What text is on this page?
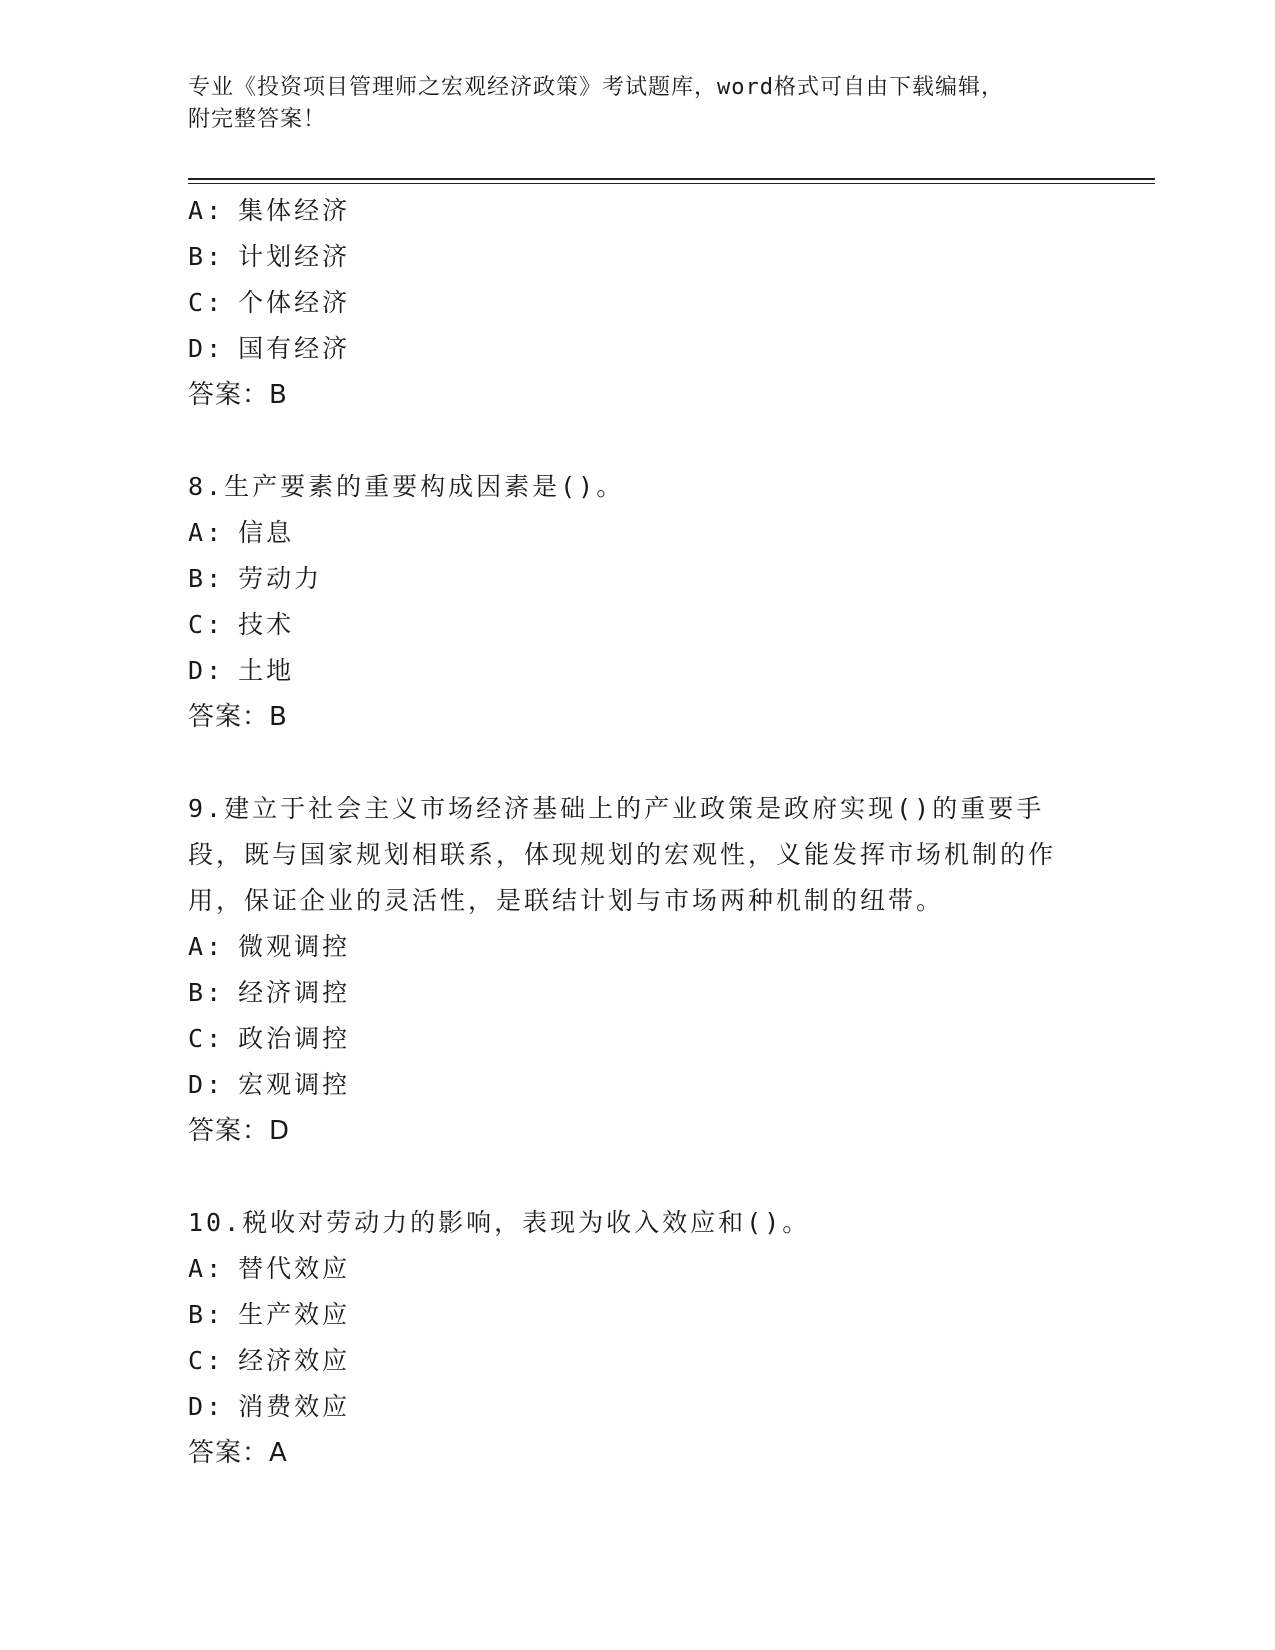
专业《投资项目管理师之宏观经济政策》考试题库，word格式可自由下载编辑，
附完整答案！
A: 集体经济
B: 计划经济
C: 个体经济
D: 国有经济
答案：B
8.生产要素的重要构成因素是()。
A: 信息
B: 劳动力
C: 技术
D: 土地
答案：B
9.建立于社会主义市场经济基础上的产业政策是政府实现()的重要手段，既与国家规划相联系，体现规划的宏观性，义能发挥市场机制的作用，保证企业的灵活性，是联结计划与市场两种机制的纽带。
A: 微观调控
B: 经济调控
C: 政治调控
D: 宏观调控
答案：D
10.税收对劳动力的影响，表现为收入效应和()。
A: 替代效应
B: 生产效应
C: 经济效应
D: 消费效应
答案：A
